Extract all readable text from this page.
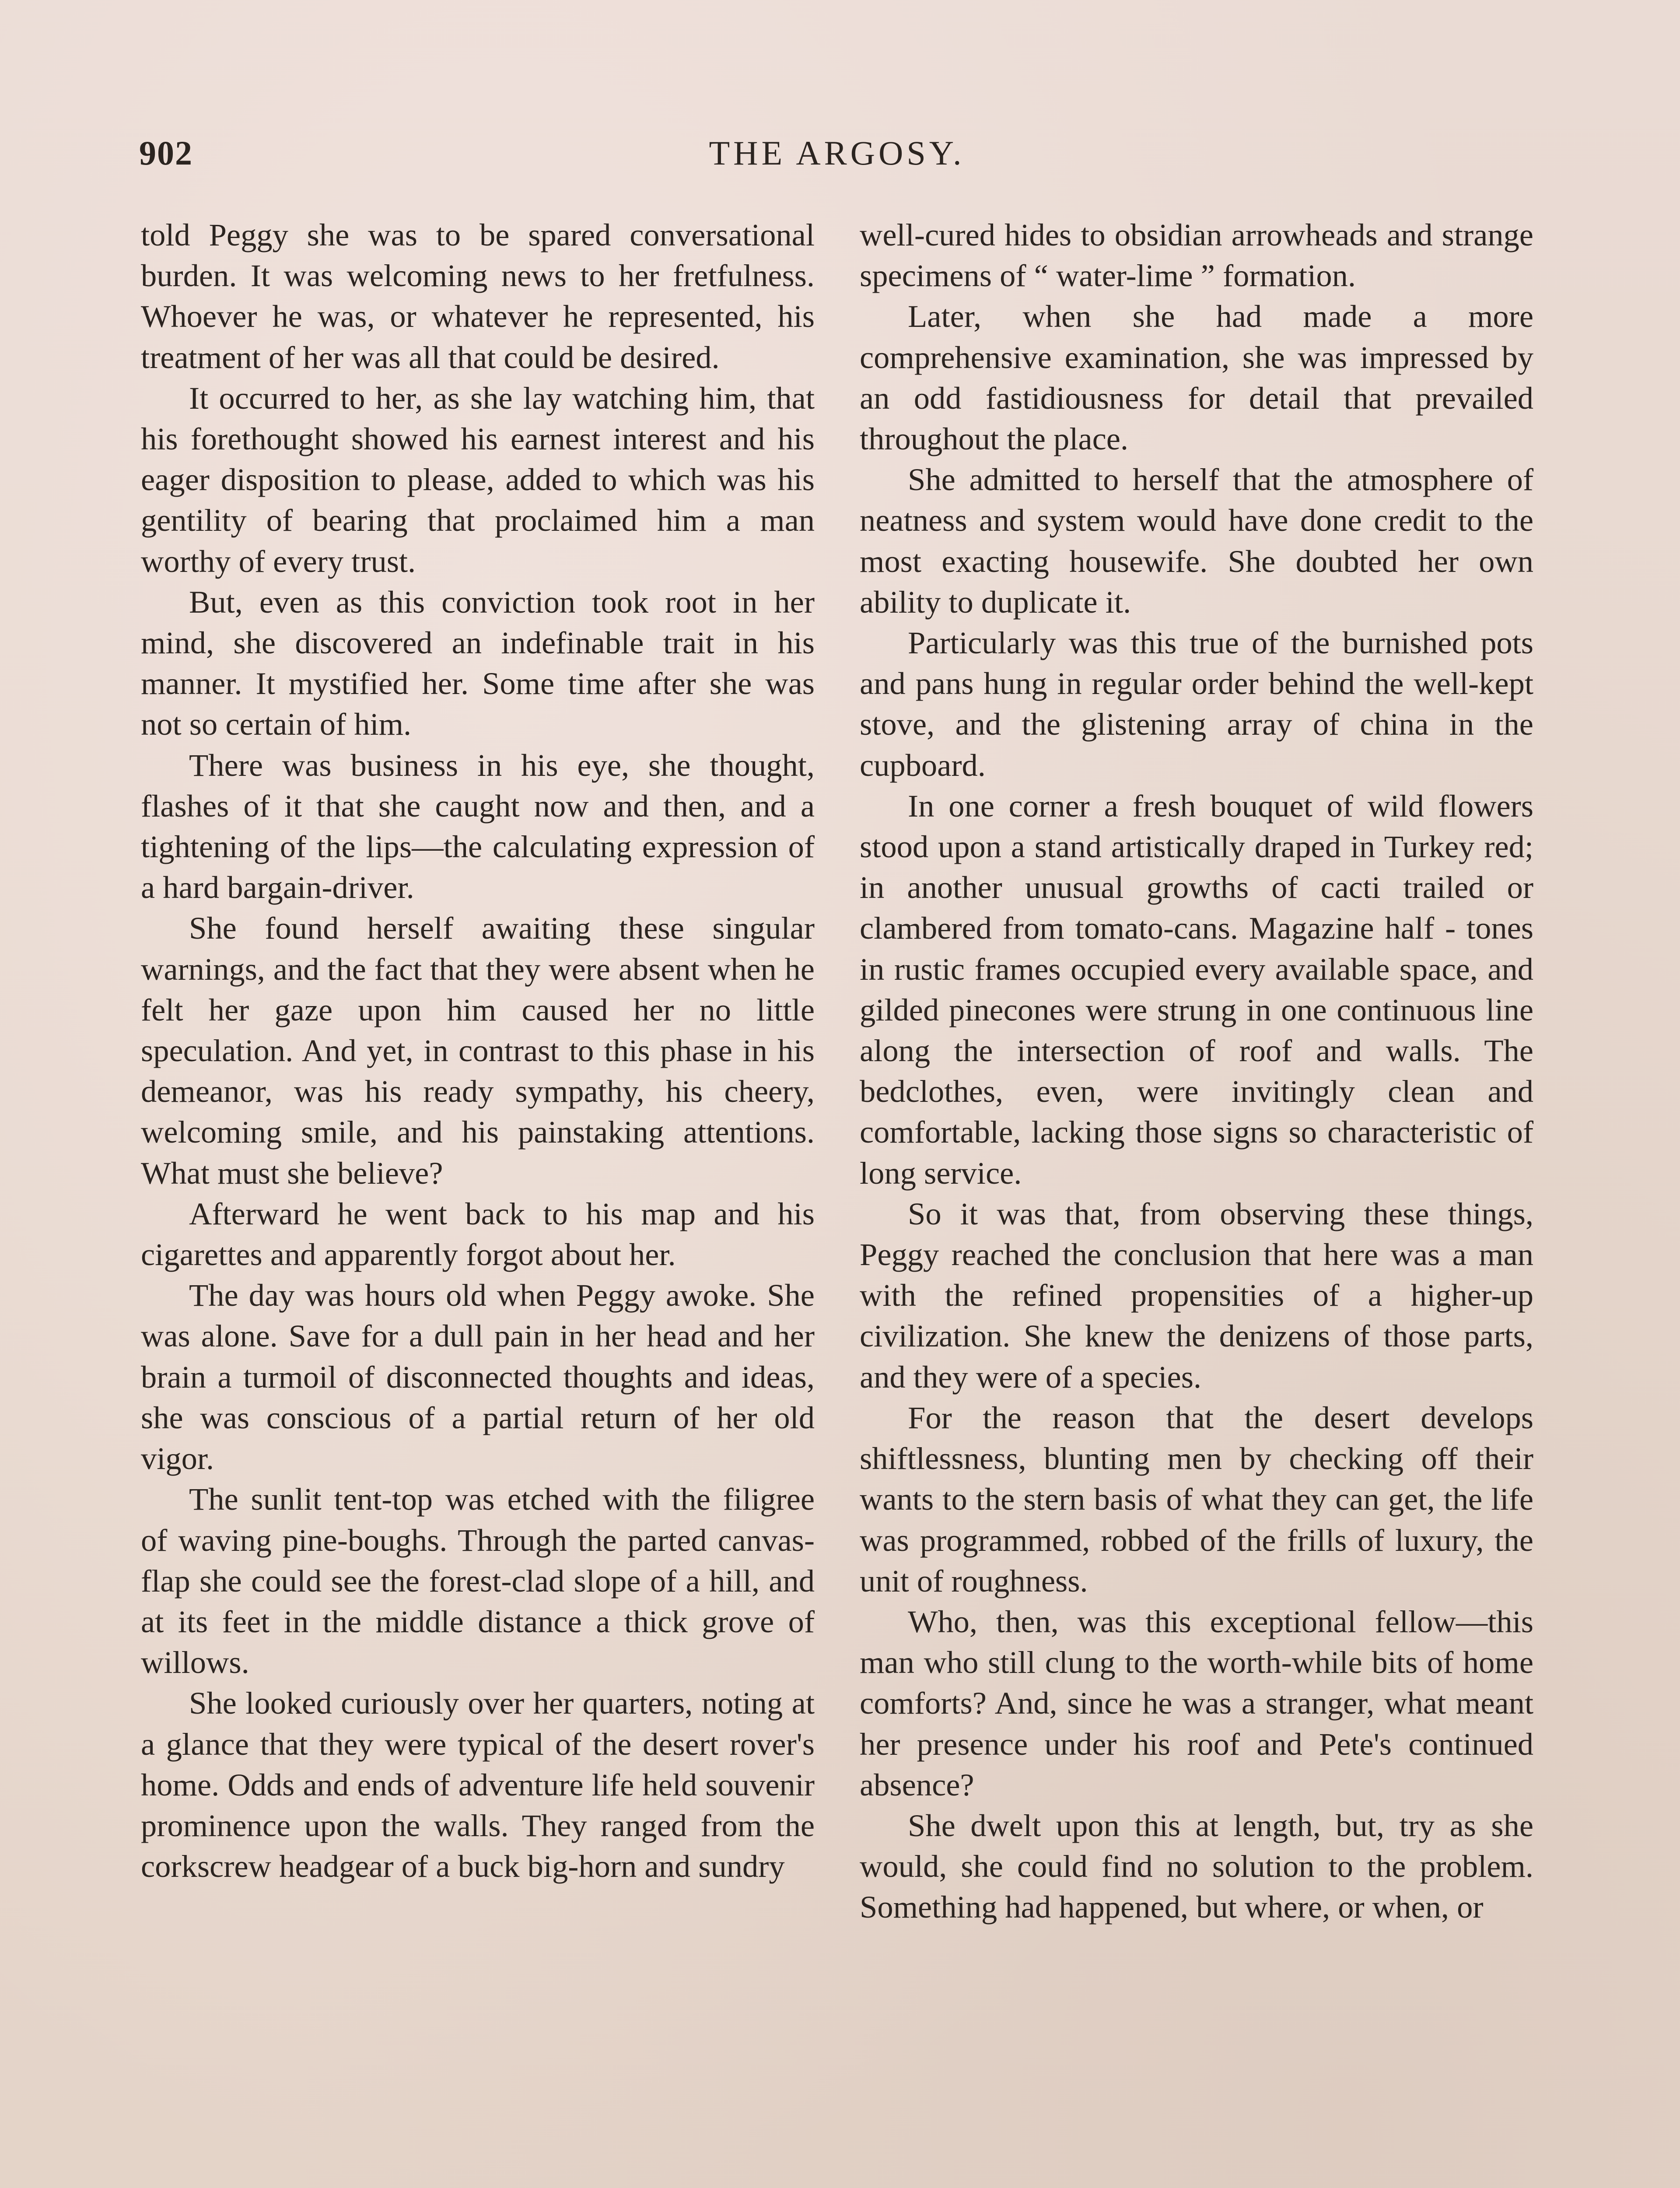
902	THE ARGOSY.

told Peggy she was to be spared conversational burden. It was welcoming news to her fretfulness. Whoever he was, or whatever he represented, his treatment of her was all that could be desired.

It occurred to her, as she lay watching him, that his forethought showed his earnest interest and his eager disposition to please, added to which was his gentility of bearing that proclaimed him a man worthy of every trust.

But, even as this conviction took root in her mind, she discovered an indefinable trait in his manner. It mystified her. Some time after she was not so certain of him.

There was business in his eye, she thought, flashes of it that she caught now and then, and a tightening of the lips—the calculating expression of a hard bargain-driver.

She found herself awaiting these singular warnings, and the fact that they were absent when he felt her gaze upon him caused her no little speculation. And yet, in contrast to this phase in his demeanor, was his ready sympathy, his cheery, welcoming smile, and his painstaking attentions. What must she believe?

Afterward he went back to his map and his cigarettes and apparently forgot about her.

The day was hours old when Peggy awoke. She was alone. Save for a dull pain in her head and her brain a turmoil of disconnected thoughts and ideas, she was conscious of a partial return of her old vigor.

The sunlit tent-top was etched with the filigree of waving pine-boughs. Through the parted canvas-flap she could see the forest-clad slope of a hill, and at its feet in the middle distance a thick grove of willows.

She looked curiously over her quarters, noting at a glance that they were typical of the desert rover's home. Odds and ends of adventure life held souvenir prominence upon the walls. They ranged from the corkscrew headgear of a buck big-horn and sundry

well-cured hides to obsidian arrowheads and strange specimens of “ water-lime ” formation.

Later, when she had made a more comprehensive examination, she was impressed by an odd fastidiousness for detail that prevailed throughout the place.

She admitted to herself that the atmosphere of neatness and system would have done credit to the most exacting housewife. She doubted her own ability to duplicate it.

Particularly was this true of the burnished pots and pans hung in regular order behind the well-kept stove, and the glistening array of china in the cupboard.

In one corner a fresh bouquet of wild flowers stood upon a stand artistically draped in Turkey red; in another unusual growths of cacti trailed or clambered from tomato-cans. Magazine half - tones in rustic frames occupied every available space, and gilded pinecones were strung in one continuous line along the intersection of roof and walls. The bedclothes, even, were invitingly clean and comfortable, lacking those signs so characteristic of long service.

So it was that, from observing these things, Peggy reached the conclusion that here was a man with the refined propensities of a higher-up civilization. She knew the denizens of those parts, and they were of a species.

For the reason that the desert develops shiftlessness, blunting men by checking off their wants to the stern basis of what they can get, the life was programmed, robbed of the frills of luxury, the unit of roughness.

Who, then, was this exceptional fellow—this man who still clung to the worth-while bits of home comforts? And, since he was a stranger, what meant her presence under his roof and Pete's continued absence?

She dwelt upon this at length, but, try as she would, she could find no solution to the problem. Something had happened, but where, or when, or
